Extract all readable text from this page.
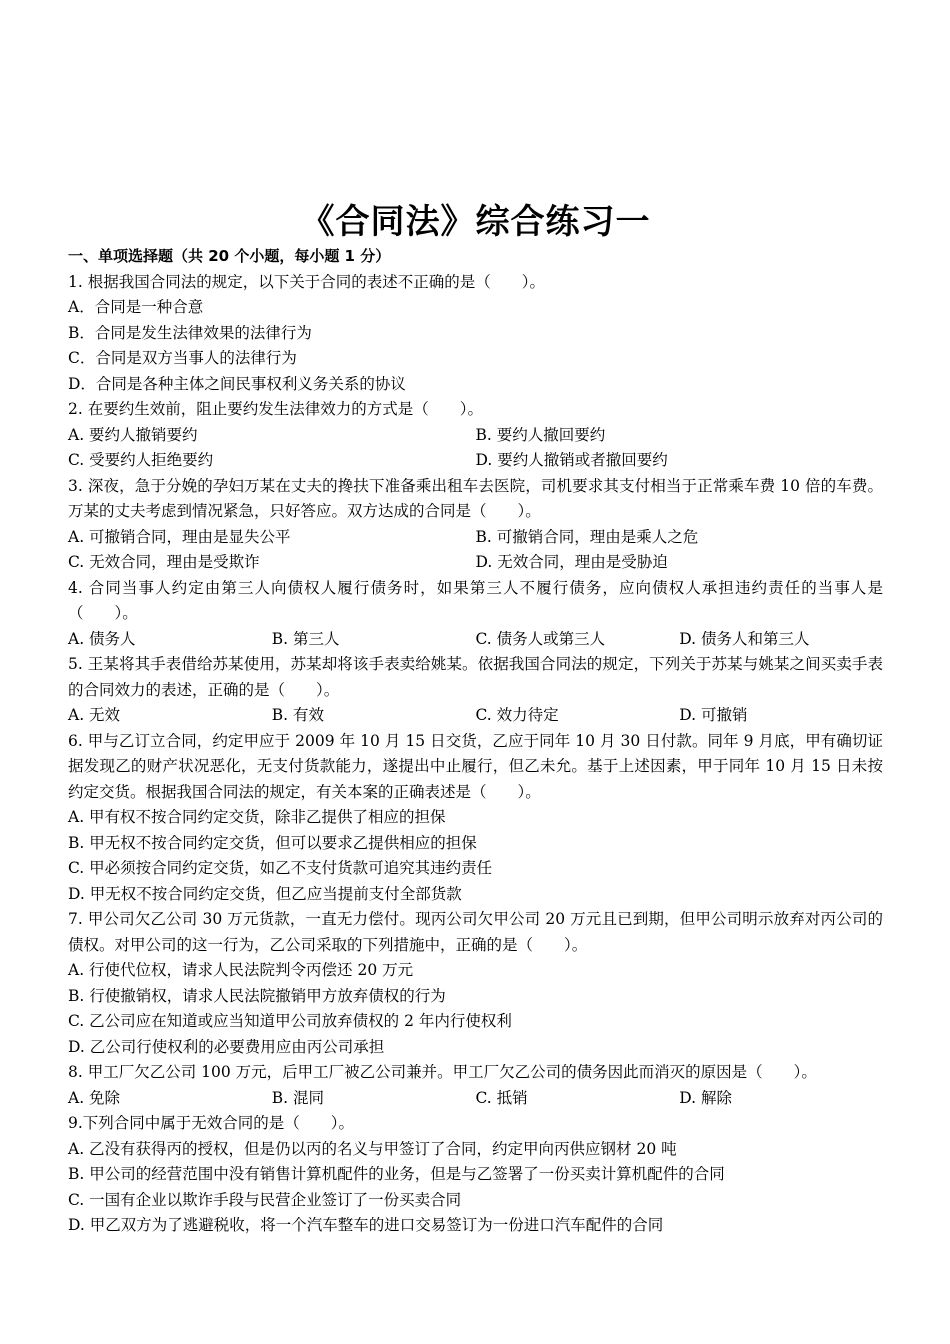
《合同法》综合练习一
一、单项选择题（共 20 个小题，每小题 1 分）
1. 根据我国合同法的规定，以下关于合同的表述不正确的是（　　）。
A．合同是一种合意
B．合同是发生法律效果的法律行为
C．合同是双方当事人的法律行为
D．合同是各种主体之间民事权利义务关系的协议
2. 在要约生效前，阻止要约发生法律效力的方式是（　　）。
A. 要约人撤销要约	B. 要约人撤回要约
C. 受要约人拒绝要约	D. 要约人撤销或者撤回要约
3. 深夜，急于分娩的孕妇万某在丈夫的搀扶下准备乘出租车去医院，司机要求其支付相当于正常乘车费 10 倍的车费。万某的丈夫考虑到情况紧急，只好答应。双方达成的合同是（　　）。
A. 可撤销合同，理由是显失公平	B. 可撤销合同，理由是乘人之危
C. 无效合同，理由是受欺诈	D. 无效合同，理由是受胁迫
4. 合同当事人约定由第三人向债权人履行债务时，如果第三人不履行债务，应向债权人承担违约责任的当事人是（　　）。
A. 债务人	B. 第三人	C. 债务人或第三人	D. 债务人和第三人
5. 王某将其手表借给苏某使用，苏某却将该手表卖给姚某。依据我国合同法的规定，下列关于苏某与姚某之间买卖手表的合同效力的表述，正确的是（　　）。
A. 无效	B. 有效	C. 效力待定	D. 可撤销
6. 甲与乙订立合同，约定甲应于 2009 年 10 月 15 日交货，乙应于同年 10 月 30 日付款。同年 9 月底，甲有确切证据发现乙的财产状况恶化，无支付货款能力，遂提出中止履行，但乙未允。基于上述因素，甲于同年 10 月 15 日未按约定交货。根据我国合同法的规定，有关本案的正确表述是（　　）。
A. 甲有权不按合同约定交货，除非乙提供了相应的担保
B. 甲无权不按合同约定交货，但可以要求乙提供相应的担保
C. 甲必须按合同约定交货，如乙不支付货款可追究其违约责任
D. 甲无权不按合同约定交货，但乙应当提前支付全部货款
7. 甲公司欠乙公司 30 万元货款，一直无力偿付。现丙公司欠甲公司 20 万元且已到期，但甲公司明示放弃对丙公司的债权。对甲公司的这一行为，乙公司采取的下列措施中，正确的是（　　）。
A. 行使代位权，请求人民法院判令丙偿还 20 万元
B. 行使撤销权，请求人民法院撤销甲方放弃债权的行为
C. 乙公司应在知道或应当知道甲公司放弃债权的 2 年内行使权利
D. 乙公司行使权利的必要费用应由丙公司承担
8. 甲工厂欠乙公司 100 万元，后甲工厂被乙公司兼并。甲工厂欠乙公司的债务因此而消灭的原因是（　　）。
A. 免除	B. 混同	C. 抵销	D. 解除
9.下列合同中属于无效合同的是（　　）。
A. 乙没有获得丙的授权，但是仍以丙的名义与甲签订了合同，约定甲向丙供应钢材 20 吨
B. 甲公司的经营范围中没有销售计算机配件的业务，但是与乙签署了一份买卖计算机配件的合同
C. 一国有企业以欺诈手段与民营企业签订了一份买卖合同
D. 甲乙双方为了逃避税收，将一个汽车整车的进口交易签订为一份进口汽车配件的合同
